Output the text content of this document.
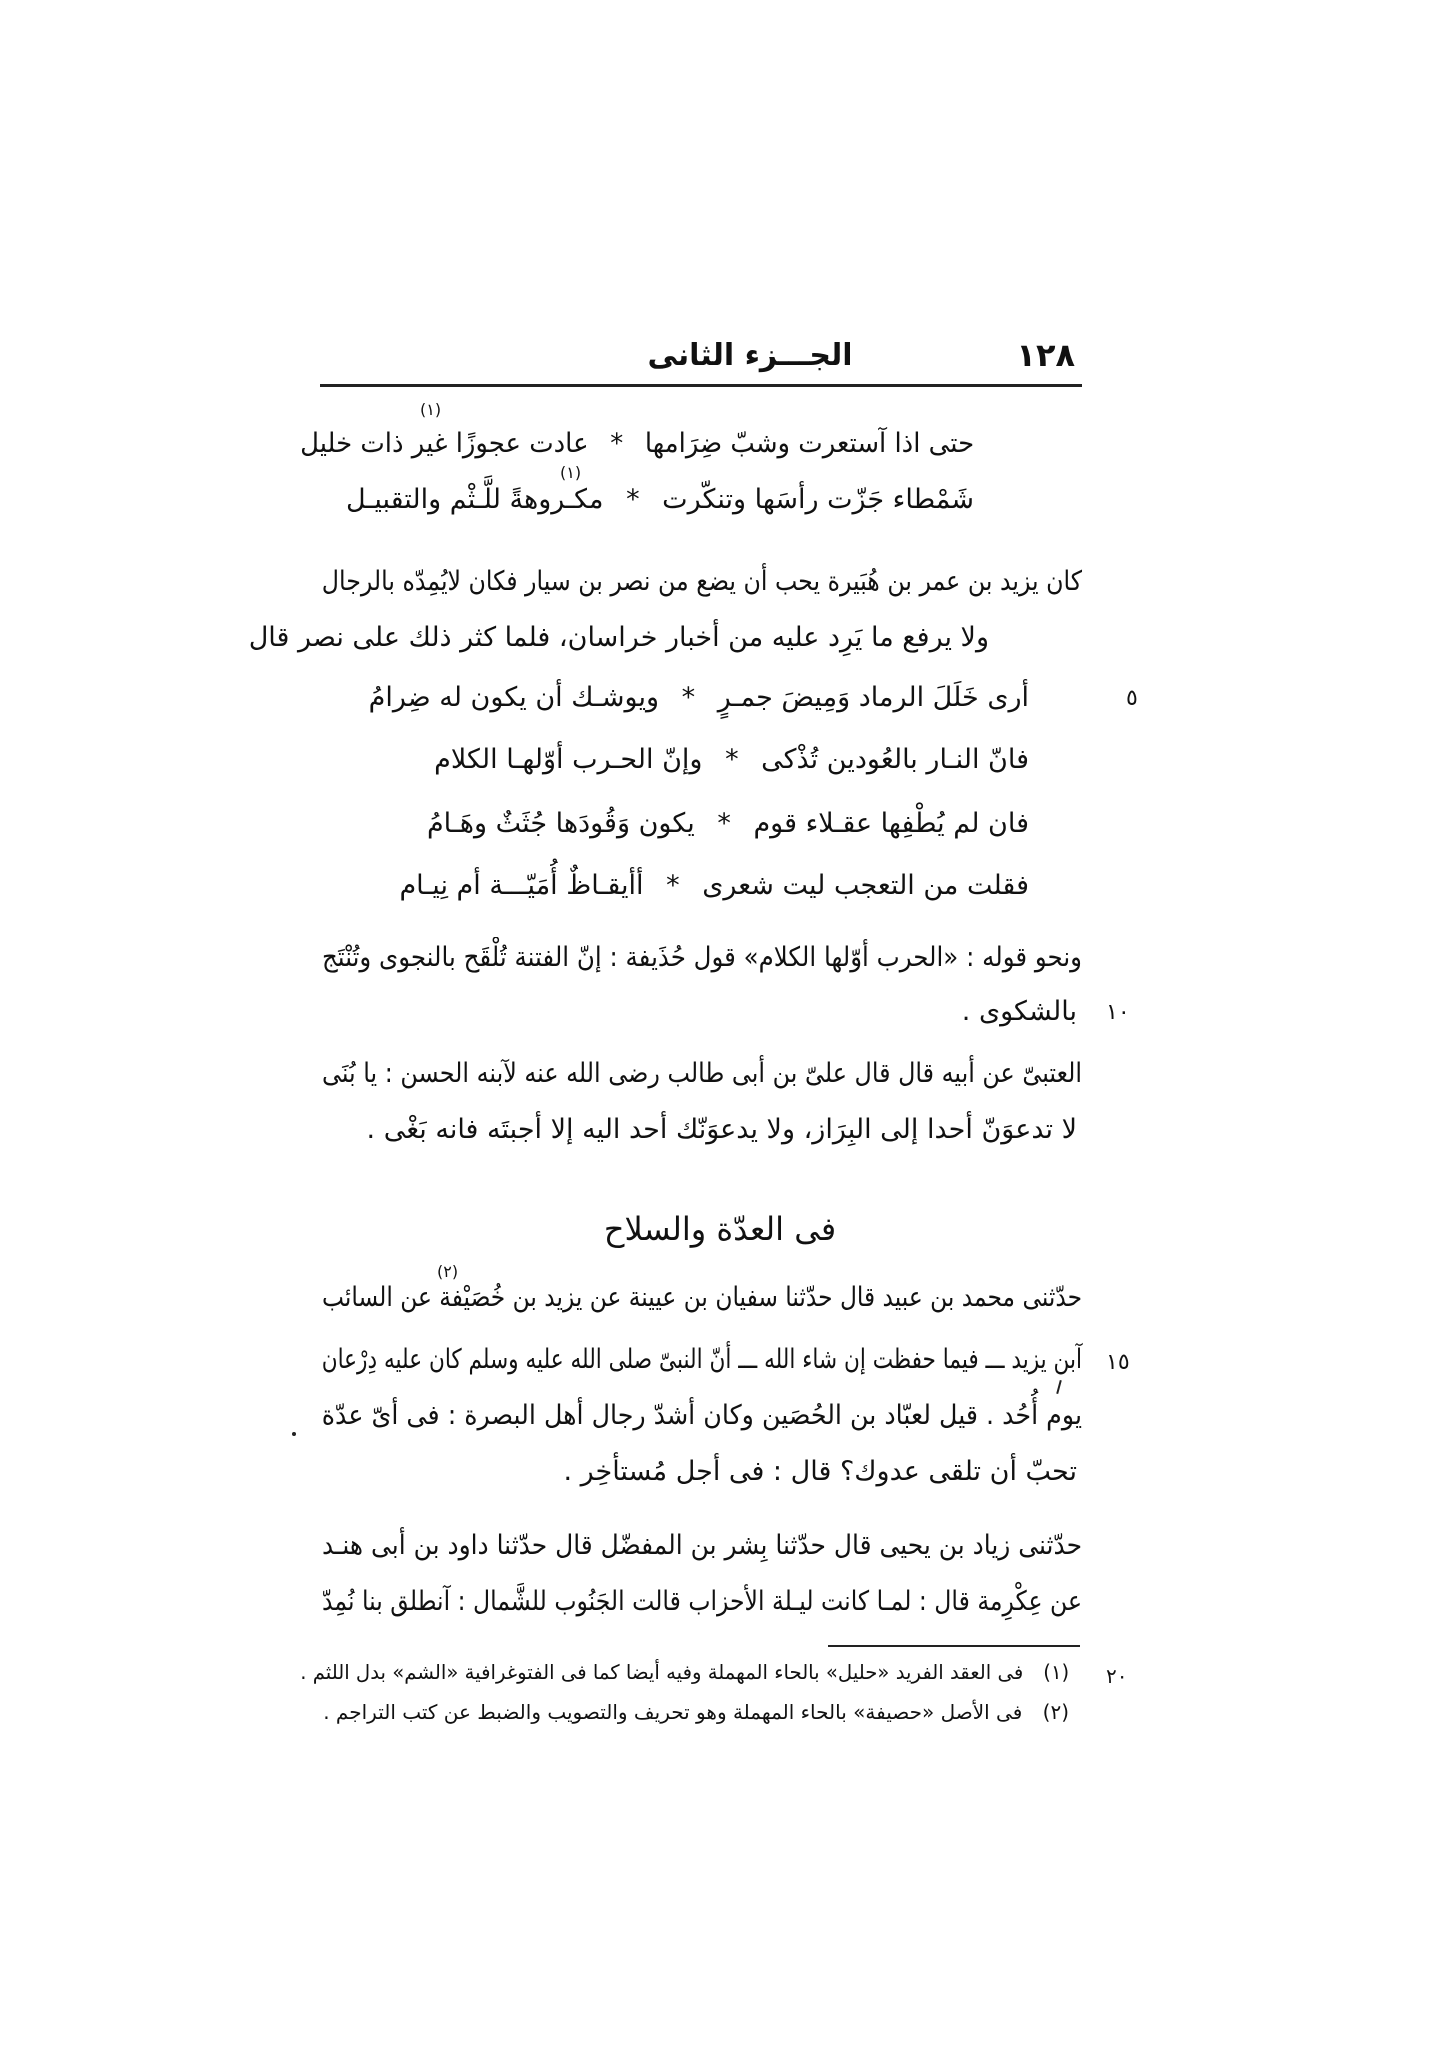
١٢٨
الجـــزء الثانى
(١)
حتى اذا آستعرت وشبّ ضِرَامها * عادت عجوزًا غير ذات خليل
(١)
شَمْطاء جَزّت رأسَها وتنكّرت * مكـروهةً للَّـثْم والتقبيـل
كان يزيد بن عمر بن هُبَيرة يحب أن يضع من نصر بن سيار فكان لايُمِدّه بالرجال
ولا يرفع ما يَرِد عليه من أخبار خراسان، فلما كثر ذلك على نصر قال
٥
أرى خَلَلَ الرماد وَمِيضَ جمـرٍ * ويوشـك أن يكون له ضِرامُ
فانّ النـار بالعُودين تُذْكى * وإنّ الحـرب أوّلهـا الكلام
فان لم يُطْفِها عقـلاء قوم * يكون وَقُودَها جُثَثٌ وهَـامُ
فقلت من التعجب ليت شعرى * أأيقـاظٌ أُمَيّـــة أم نِيـام
ونحو قوله : «الحرب أوّلها الكلام» قول حُذَيفة : إنّ الفتنة تُلْقَح بالنجوى وتُنْتَج
١٠
بالشكوى .
العتبىّ عن أبيه قال قال علىّ بن أبى طالب رضى الله عنه لآبنه الحسن : يا بُنَى
لا تدعوَنّ أحدا إلى البِرَاز، ولا يدعوَنّك أحد اليه إلا أجبتَه فانه بَغْى .
فى العدّة والسلاح
(٢)
حدّثنى محمد بن عبيد قال حدّثنا سفيان بن عيينة عن يزيد بن خُصَيْفة عن السائب
١٥
آبن يزيد ـــ فيما حفظت إن شاء الله ـــ أنّ النبىّ صلى الله عليه وسلم كان عليه دِرْعان
يوم أُحُد . قيل لعبّاد بن الحُصَين وكان أشدّ رجال أهل البصرة : فى أىّ عدّة
تحبّ أن تلقى عدوك؟ قال : فى أجل مُستأخِر .
حدّثنى زياد بن يحيى قال حدّثنا بِشر بن المفضّل قال حدّثنا داود بن أبى هنـد
عن عِكْرِمة قال : لمـا كانت ليـلة الأحزاب قالت الجَنُوب للشَّمال : آنطلق بنا نُمِدّ
٢٠
(١) فى العقد الفريد «حليل» بالحاء المهملة وفيه أيضا كما فى الفتوغرافية «الشم» بدل اللثم .
(٢) فى الأصل «حصيفة» بالحاء المهملة وهو تحريف والتصويب والضبط عن كتب التراجم .
